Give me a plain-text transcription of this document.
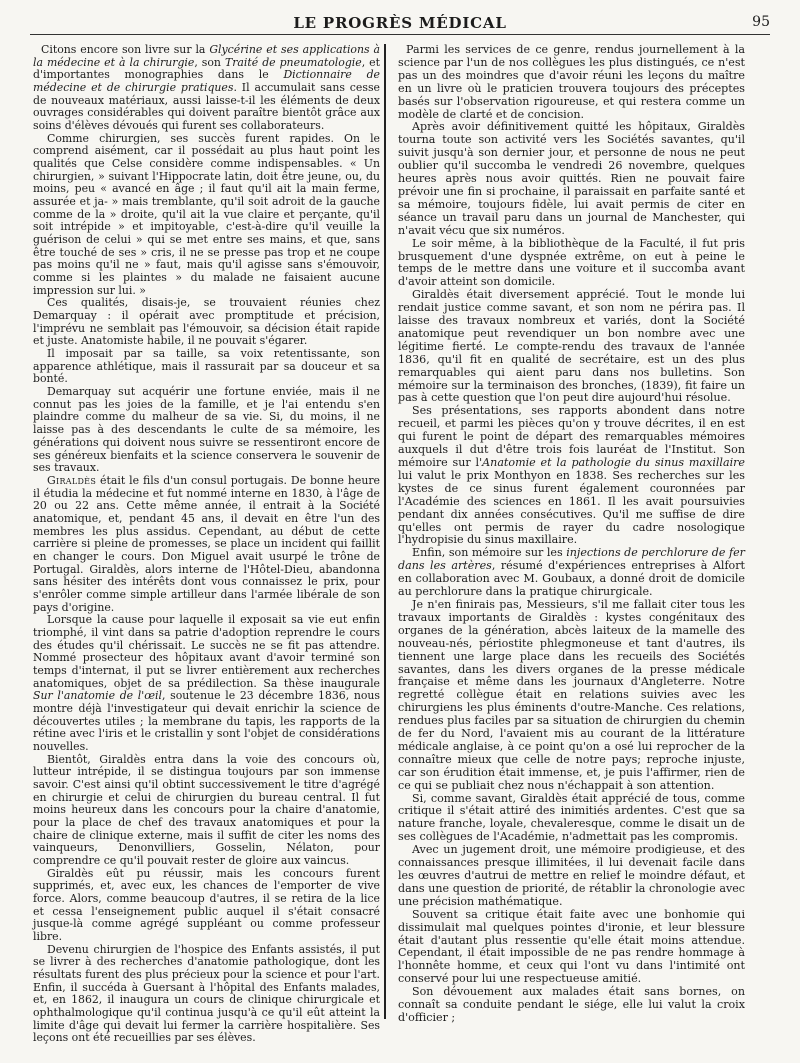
LE PROGRÈS MÉDICAL	95

Citons encore son livre sur la Glycérine et ses applications à la médecine et à la chirurgie, son Traité de pneumatologie, et d'importantes monographies dans le Dictionnaire de médecine et de chirurgie pratiques. Il accumulait sans cesse de nouveaux matériaux, aussi laisse-t-il les éléments de deux ouvrages considérables qui doivent paraître bientôt grâce aux soins d'élèves dévoués qui furent ses collaborateurs.

Comme chirurgien, ses succès furent rapides. On le comprend aisément, car il possédait au plus haut point les qualités que Celse considère comme indispensables. « Un chirurgien, » suivant l'Hippocrate latin, doit être jeune, ou, du moins, peu « avancé en âge ; il faut qu'il ait la main ferme, assurée et ja- » mais tremblante, qu'il soit adroit de la gauche comme de la » droite, qu'il ait la vue claire et perçante, qu'il soit intrépide » et impitoyable, c'est-à-dire qu'il veuille la guérison de celui » qui se met entre ses mains, et que, sans être touché de ses » cris, il ne se presse pas trop et ne coupe pas moins qu'il ne » faut, mais qu'il agisse sans s'émouvoir, comme si les plaintes » du malade ne faisaient aucune impression sur lui. »

Ces qualités, disais-je, se trouvaient réunies chez Demarquay : il opérait avec promptitude et précision, l'imprévu ne semblait pas l'émouvoir, sa décision était rapide et juste. Anatomiste habile, il ne pouvait s'égarer.

Il imposait par sa taille, sa voix retentissante, son apparence athlétique, mais il rassurait par sa douceur et sa bonté.

Demarquay sut acquérir une fortune enviée, mais il ne connut pas les joies de la famille, et je l'ai entendu s'en plaindre comme du malheur de sa vie. Si, du moins, il ne laisse pas à des descendants le culte de sa mémoire, les générations qui doivent nous suivre se ressentiront encore de ses généreux bienfaits et la science conservera le souvenir de ses travaux.

Giraldès était le fils d'un consul portugais. De bonne heure il étudia la médecine et fut nommé interne en 1830, à l'âge de 20 ou 22 ans. Cette même année, il entrait à la Société anatomique, et, pendant 45 ans, il devait en être l'un des membres les plus assidus. Cependant, au début de cette carrière si pleine de promesses, se place un incident qui faillit en changer le cours. Don Miguel avait usurpé le trône de Portugal. Giraldès, alors interne de l'Hôtel-Dieu, abandonna sans hésiter des intérêts dont vous connaissez le prix, pour s'enrôler comme simple artilleur dans l'armée libérale de son pays d'origine.

Lorsque la cause pour laquelle il exposait sa vie eut enfin triomphé, il vint dans sa patrie d'adoption reprendre le cours des études qu'il chérissait. Le succès ne se fit pas attendre. Nommé prosecteur des hôpitaux avant d'avoir terminé son temps d'internat, il put se livrer entièrement aux recherches anatomiques, objet de sa prédilection. Sa thèse inaugurale Sur l'anatomie de l'œil, soutenue le 23 décembre 1836, nous montre déjà l'investigateur qui devait enrichir la science de découvertes utiles ; la membrane du tapis, les rapports de la rétine avec l'iris et le cristallin y sont l'objet de considérations nouvelles.

Bientôt, Giraldès entra dans la voie des concours où, lutteur intrépide, il se distingua toujours par son immense savoir. C'est ainsi qu'il obtint successivement le titre d'agrégé en chirurgie et celui de chirurgien du bureau central. Il fut moins heureux dans les concours pour la chaire d'anatomie, pour la place de chef des travaux anatomiques et pour la chaire de clinique externe, mais il suffit de citer les noms des vainqueurs, Denonvilliers, Gosselin, Nélaton, pour comprendre ce qu'il pouvait rester de gloire aux vaincus.

Giraldès eût pu réussir, mais les concours furent supprimés, et, avec eux, les chances de l'emporter de vive force. Alors, comme beaucoup d'autres, il se retira de la lice et cessa l'enseignement public auquel il s'était consacré jusque-là comme agrégé suppléant ou comme professeur libre.

Devenu chirurgien de l'hospice des Enfants assistés, il put se livrer à des recherches d'anatomie pathologique, dont les résultats furent des plus précieux pour la science et pour l'art. Enfin, il succéda à Guersant à l'hôpital des Enfants malades, et, en 1862, il inaugura un cours de clinique chirurgicale et ophthalmologique qu'il continua jusqu'à ce qu'il eût atteint la limite d'âge qui devait lui fermer la carrière hospitalière. Ses leçons ont été recueillies par ses élèves.

Parmi les services de ce genre, rendus journellement à la science par l'un de nos collègues les plus distingués, ce n'est pas un des moindres que d'avoir réuni les leçons du maître en un livre où le praticien trouvera toujours des préceptes basés sur l'observation rigoureuse, et qui restera comme un modèle de clarté et de concision.

Après avoir définitivement quitté les hôpitaux, Giraldès tourna toute son activité vers les Sociétés savantes, qu'il suivit jusqu'à son dernier jour, et personne de nous ne peut oublier qu'il succomba le vendredi 26 novembre, quelques heures après nous avoir quittés. Rien ne pouvait faire prévoir une fin si prochaine, il paraissait en parfaite santé et sa mémoire, toujours fidèle, lui avait permis de citer en séance un travail paru dans un journal de Manchester, qui n'avait vécu que six numéros.

Le soir même, à la bibliothèque de la Faculté, il fut pris brusquement d'une dyspnée extrême, on eut à peine le temps de le mettre dans une voiture et il succomba avant d'avoir atteint son domicile.

Giraldès était diversement apprécié. Tout le monde lui rendait justice comme savant, et son nom ne périra pas. Il laisse des travaux nombreux et variés, dont la Société anatomique peut revendiquer un bon nombre avec une légitime fierté. Le compte-rendu des travaux de l'année 1836, qu'il fit en qualité de secrétaire, est un des plus remarquables qui aient paru dans nos bulletins. Son mémoire sur la terminaison des bronches, (1839), fit faire un pas à cette question que l'on peut dire aujourd'hui résolue.

Ses présentations, ses rapports abondent dans notre recueil, et parmi les pièces qu'on y trouve décrites, il en est qui furent le point de départ des remarquables mémoires auxquels il dut d'être trois fois lauréat de l'Institut. Son mémoire sur l'Anatomie et la pathologie du sinus maxillaire lui valut le prix Monthyon en 1838. Ses recherches sur les kystes de ce sinus furent également couronnées par l'Académie des sciences en 1861. Il les avait poursuivies pendant dix années consécutives. Qu'il me suffise de dire qu'elles ont permis de rayer du cadre nosologique l'hydropisie du sinus maxillaire.

Enfin, son mémoire sur les injections de perchlorure de fer dans les artères, résumé d'expériences entreprises à Alfort en collaboration avec M. Goubaux, a donné droit de domicile au perchlorure dans la pratique chirurgicale.

Je n'en finirais pas, Messieurs, s'il me fallait citer tous les travaux importants de Giraldès : kystes congénitaux des organes de la génération, abcès laiteux de la mamelle des nouveau-nés, périostite phlegmoneuse et tant d'autres, ils tiennent une large place dans les recueils des Sociétés savantes, dans les divers organes de la presse médicale française et même dans les journaux d'Angleterre. Notre regretté collègue était en relations suivies avec les chirurgiens les plus éminents d'outre-Manche. Ces relations, rendues plus faciles par sa situation de chirurgien du chemin de fer du Nord, l'avaient mis au courant de la littérature médicale anglaise, à ce point qu'on a osé lui reprocher de la connaître mieux que celle de notre pays; reproche injuste, car son érudition était immense, et, je puis l'affirmer, rien de ce qui se publiait chez nous n'échappait à son attention.

Si, comme savant, Giraldès était apprécié de tous, comme critique il s'était attiré des inimitiés ardentes. C'est que sa nature franche, loyale, chevaleresque, comme le disait un de ses collègues de l'Académie, n'admettait pas les compromis.

Avec un jugement droit, une mémoire prodigieuse, et des connaissances presque illimitées, il lui devenait facile dans les œuvres d'autrui de mettre en relief le moindre défaut, et dans une question de priorité, de rétablir la chronologie avec une précision mathématique.

Souvent sa critique était faite avec une bonhomie qui dissimulait mal quelques pointes d'ironie, et leur blessure était d'autant plus ressentie qu'elle était moins attendue. Cependant, il était impossible de ne pas rendre hommage à l'honnête homme, et ceux qui l'ont vu dans l'intimité ont conservé pour lui une respectueuse amitié.

Son dévouement aux malades était sans bornes, on connaît sa conduite pendant le siége, elle lui valut la croix d'officier ;
